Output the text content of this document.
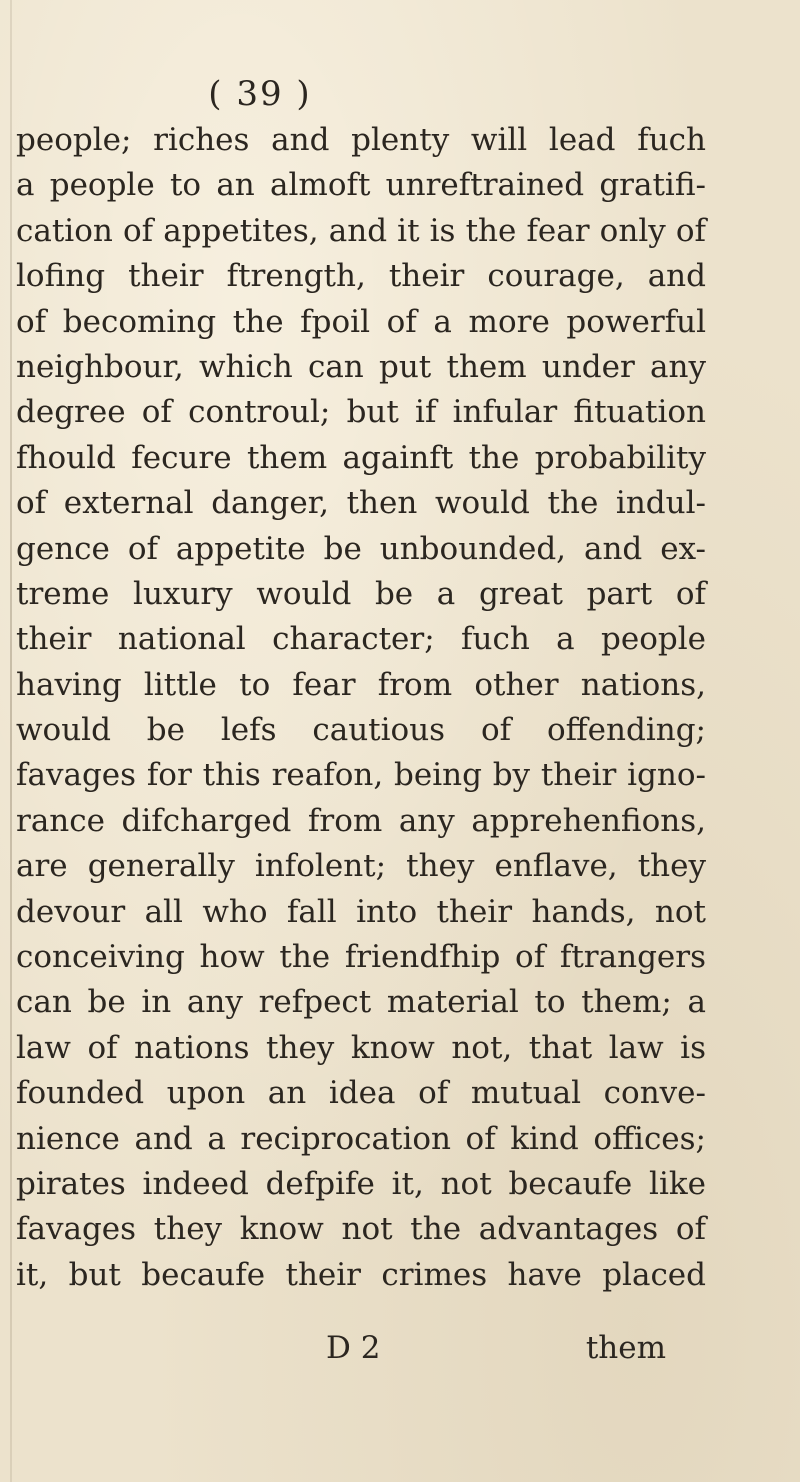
( 39 )
people; riches and plenty will lead fuch
a people to an almoft unreftrained gratifi-
cation of appetites, and it is the fear only of
lofing their ftrength, their courage, and
of becoming the fpoil of a more powerful
neighbour, which can put them under any
degree of controul; but if infular fituation
fhould fecure them againft the probability
of external danger, then would the indul-
gence of appetite be unbounded, and ex-
treme luxury would be a great part of
their national character; fuch a people
having little to fear from other nations,
would be lefs cautious of offending;
favages for this reafon, being by their igno-
rance difcharged from any apprehenfions,
are generally infolent; they enflave, they
devour all who fall into their hands, not
conceiving how the friendfhip of ftrangers
can be in any refpect material to them; a
law of nations they know not, that law is
founded upon an idea of mutual conve-
nience and a reciprocation of kind offices;
pirates indeed defpife it, not becaufe like
favages they know not the advantages of
it, but becaufe their crimes have placed
D 2	them
